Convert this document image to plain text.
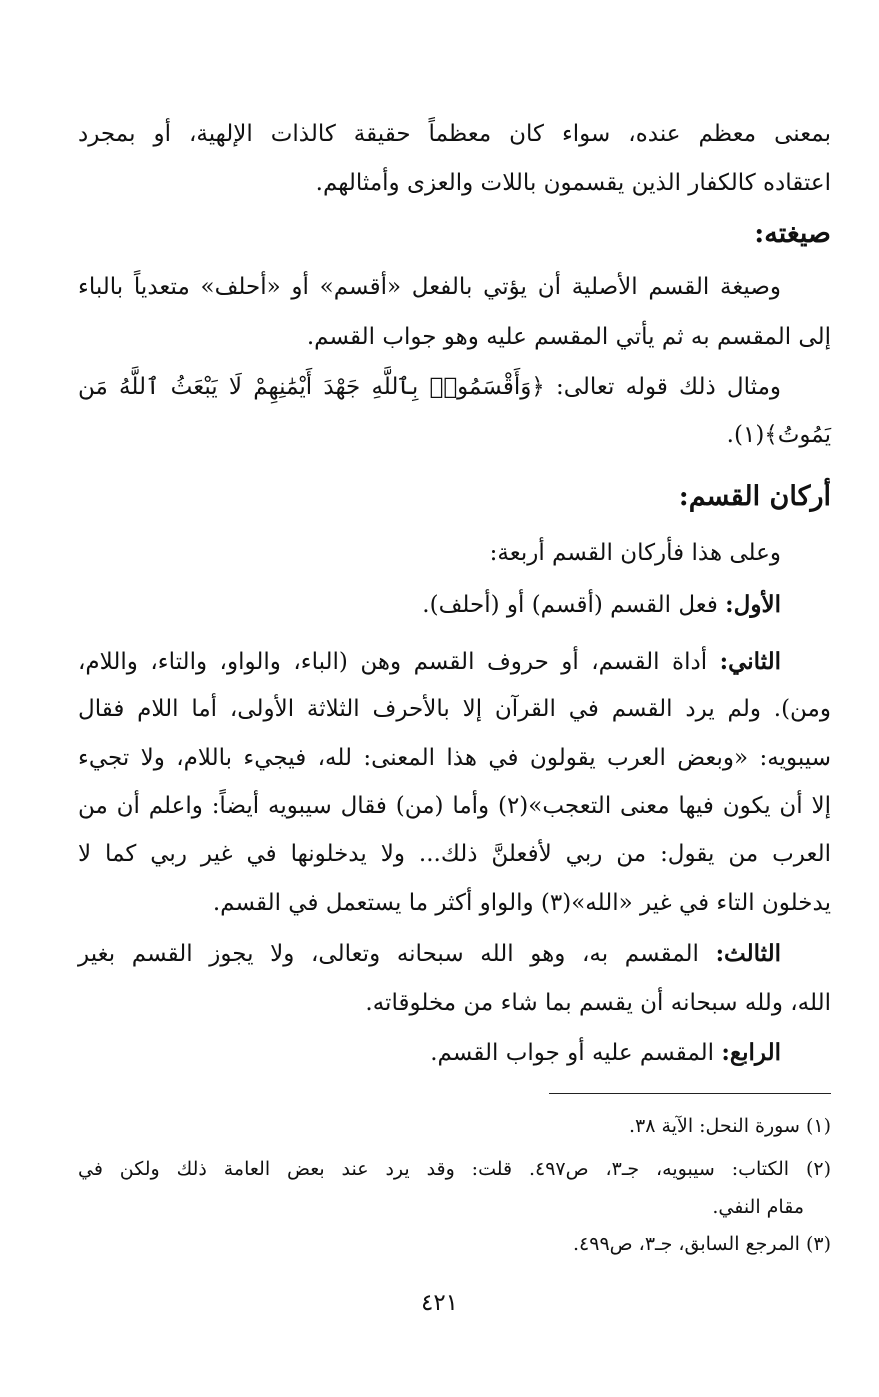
بمعنى معظم عنده، سواء كان معظماً حقيقة كالذات الإلهية، أو بمجرد
اعتقاده كالكفار الذين يقسمون باللات والعزى وأمثالهم.
صيغته:
وصيغة القسم الأصلية أن يؤتي بالفعل «أقسم» أو «أحلف» متعدياً بالباء
إلى المقسم به ثم يأتي المقسم عليه وهو جواب القسم.
ومثال ذلك قوله تعالى: ﴿وَأَقْسَمُوا۟ بِٱللَّهِ جَهْدَ أَيْمَٰنِهِمْ لَا يَبْعَثُ ٱللَّهُ مَن
يَمُوتُ﴾(١).
أركان القسم:
وعلى هذا فأركان القسم أربعة:
الأول: فعل القسم (أقسم) أو (أحلف).
الثاني: أداة القسم، أو حروف القسم وهن (الباء، والواو، والتاء، واللام،
ومن). ولم يرد القسم في القرآن إلا بالأحرف الثلاثة الأولى، أما اللام فقال
سيبويه: «وبعض العرب يقولون في هذا المعنى: لله، فيجيء باللام، ولا تجيء
إلا أن يكون فيها معنى التعجب»(٢) وأما (من) فقال سيبويه أيضاً: واعلم أن من
العرب من يقول: من ربي لأفعلنَّ ذلك... ولا يدخلونها في غير ربي كما لا
يدخلون التاء في غير «الله»(٣) والواو أكثر ما يستعمل في القسم.
الثالث: المقسم به، وهو الله سبحانه وتعالى، ولا يجوز القسم بغير
الله، ولله سبحانه أن يقسم بما شاء من مخلوقاته.
الرابع: المقسم عليه أو جواب القسم.
(١) سورة النحل: الآية ٣٨.
(٢) الكتاب: سيبويه، جـ٣، ص٤٩٧. قلت: وقد يرد عند بعض العامة ذلك ولكن في
مقام النفي.
(٣) المرجع السابق، جـ٣، ص٤٩٩.
٤٢١
